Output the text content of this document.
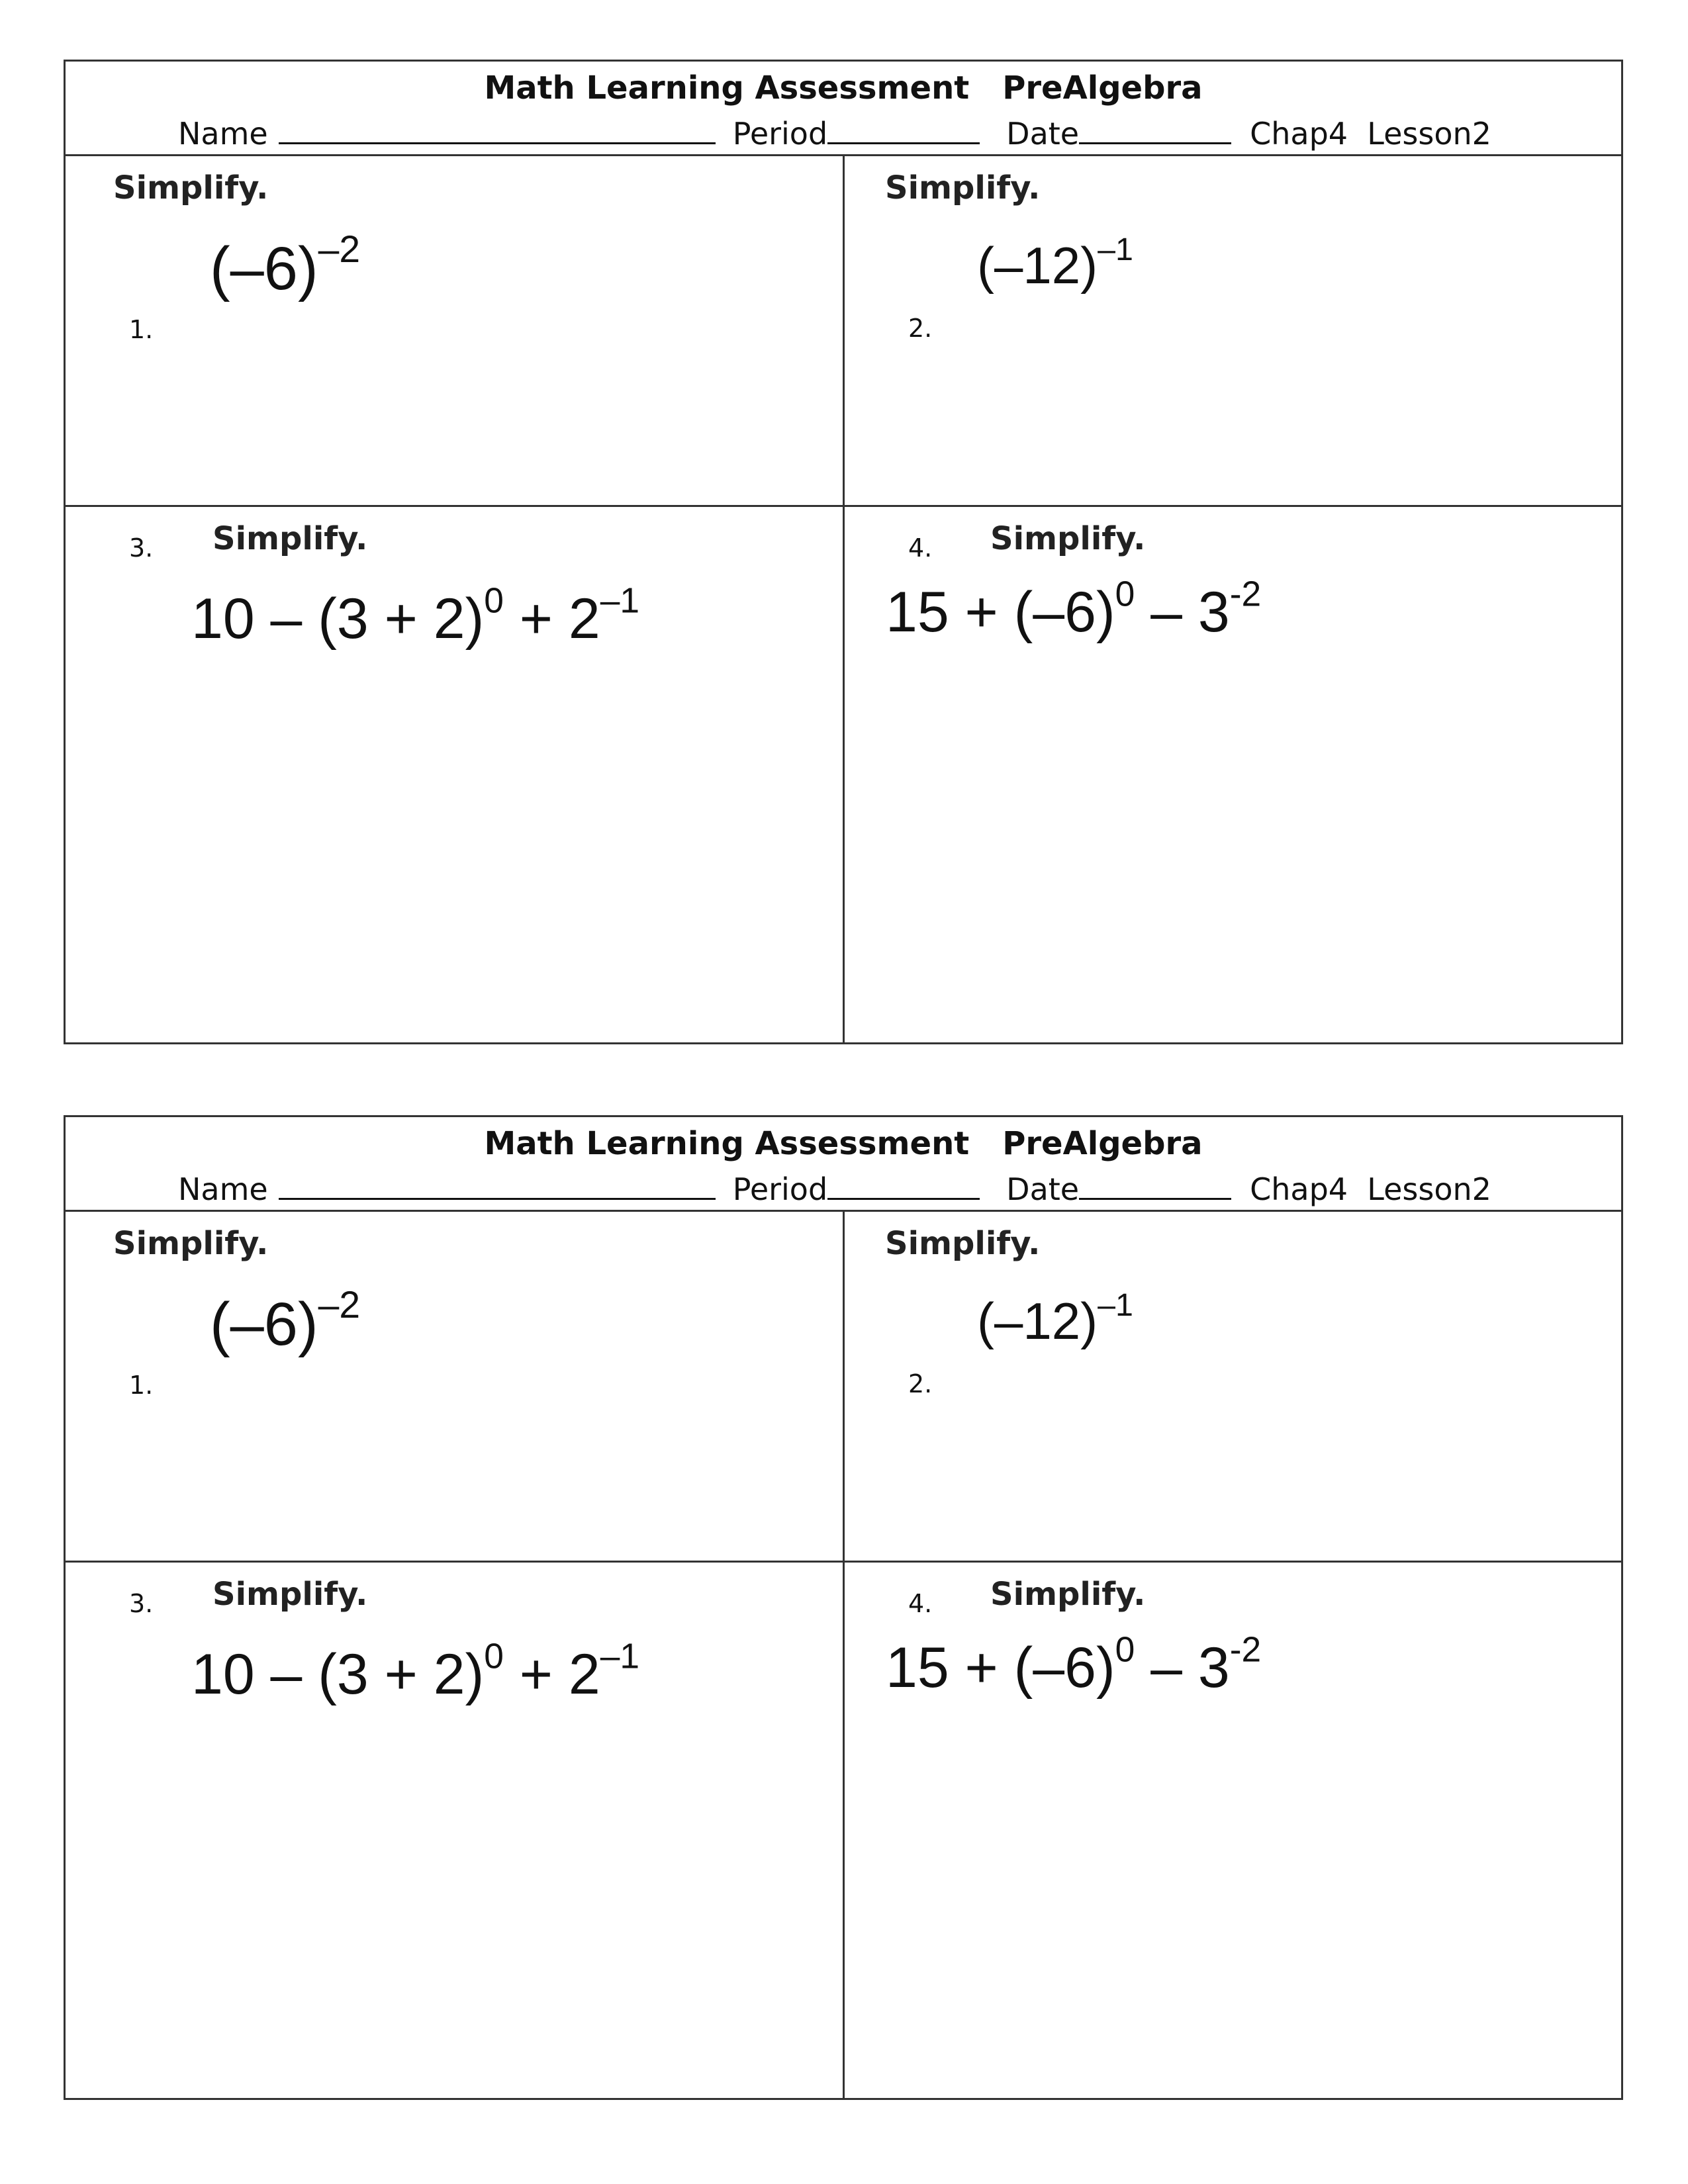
Math Learning Assessment PreAlgebra
Name	Period	Date	Chap4 Lesson2
Simplify.
1.
$(-6)^{-2}$
Simplify.
2.
$(-12)^{-1}$
3. Simplify.
$10 - (3 + 2)^0 + 2^{-1}$
4. Simplify.
$15 + (-6)^0 - 3^{-2}$
Math Learning Assessment PreAlgebra
Name	Period	Date	Chap4 Lesson2
Simplify.
1.
$(-6)^{-2}$
Simplify.
2.
$(-12)^{-1}$
3. Simplify.
$10 - (3 + 2)^0 + 2^{-1}$
4. Simplify.
$15 + (-6)^0 - 3^{-2}$
